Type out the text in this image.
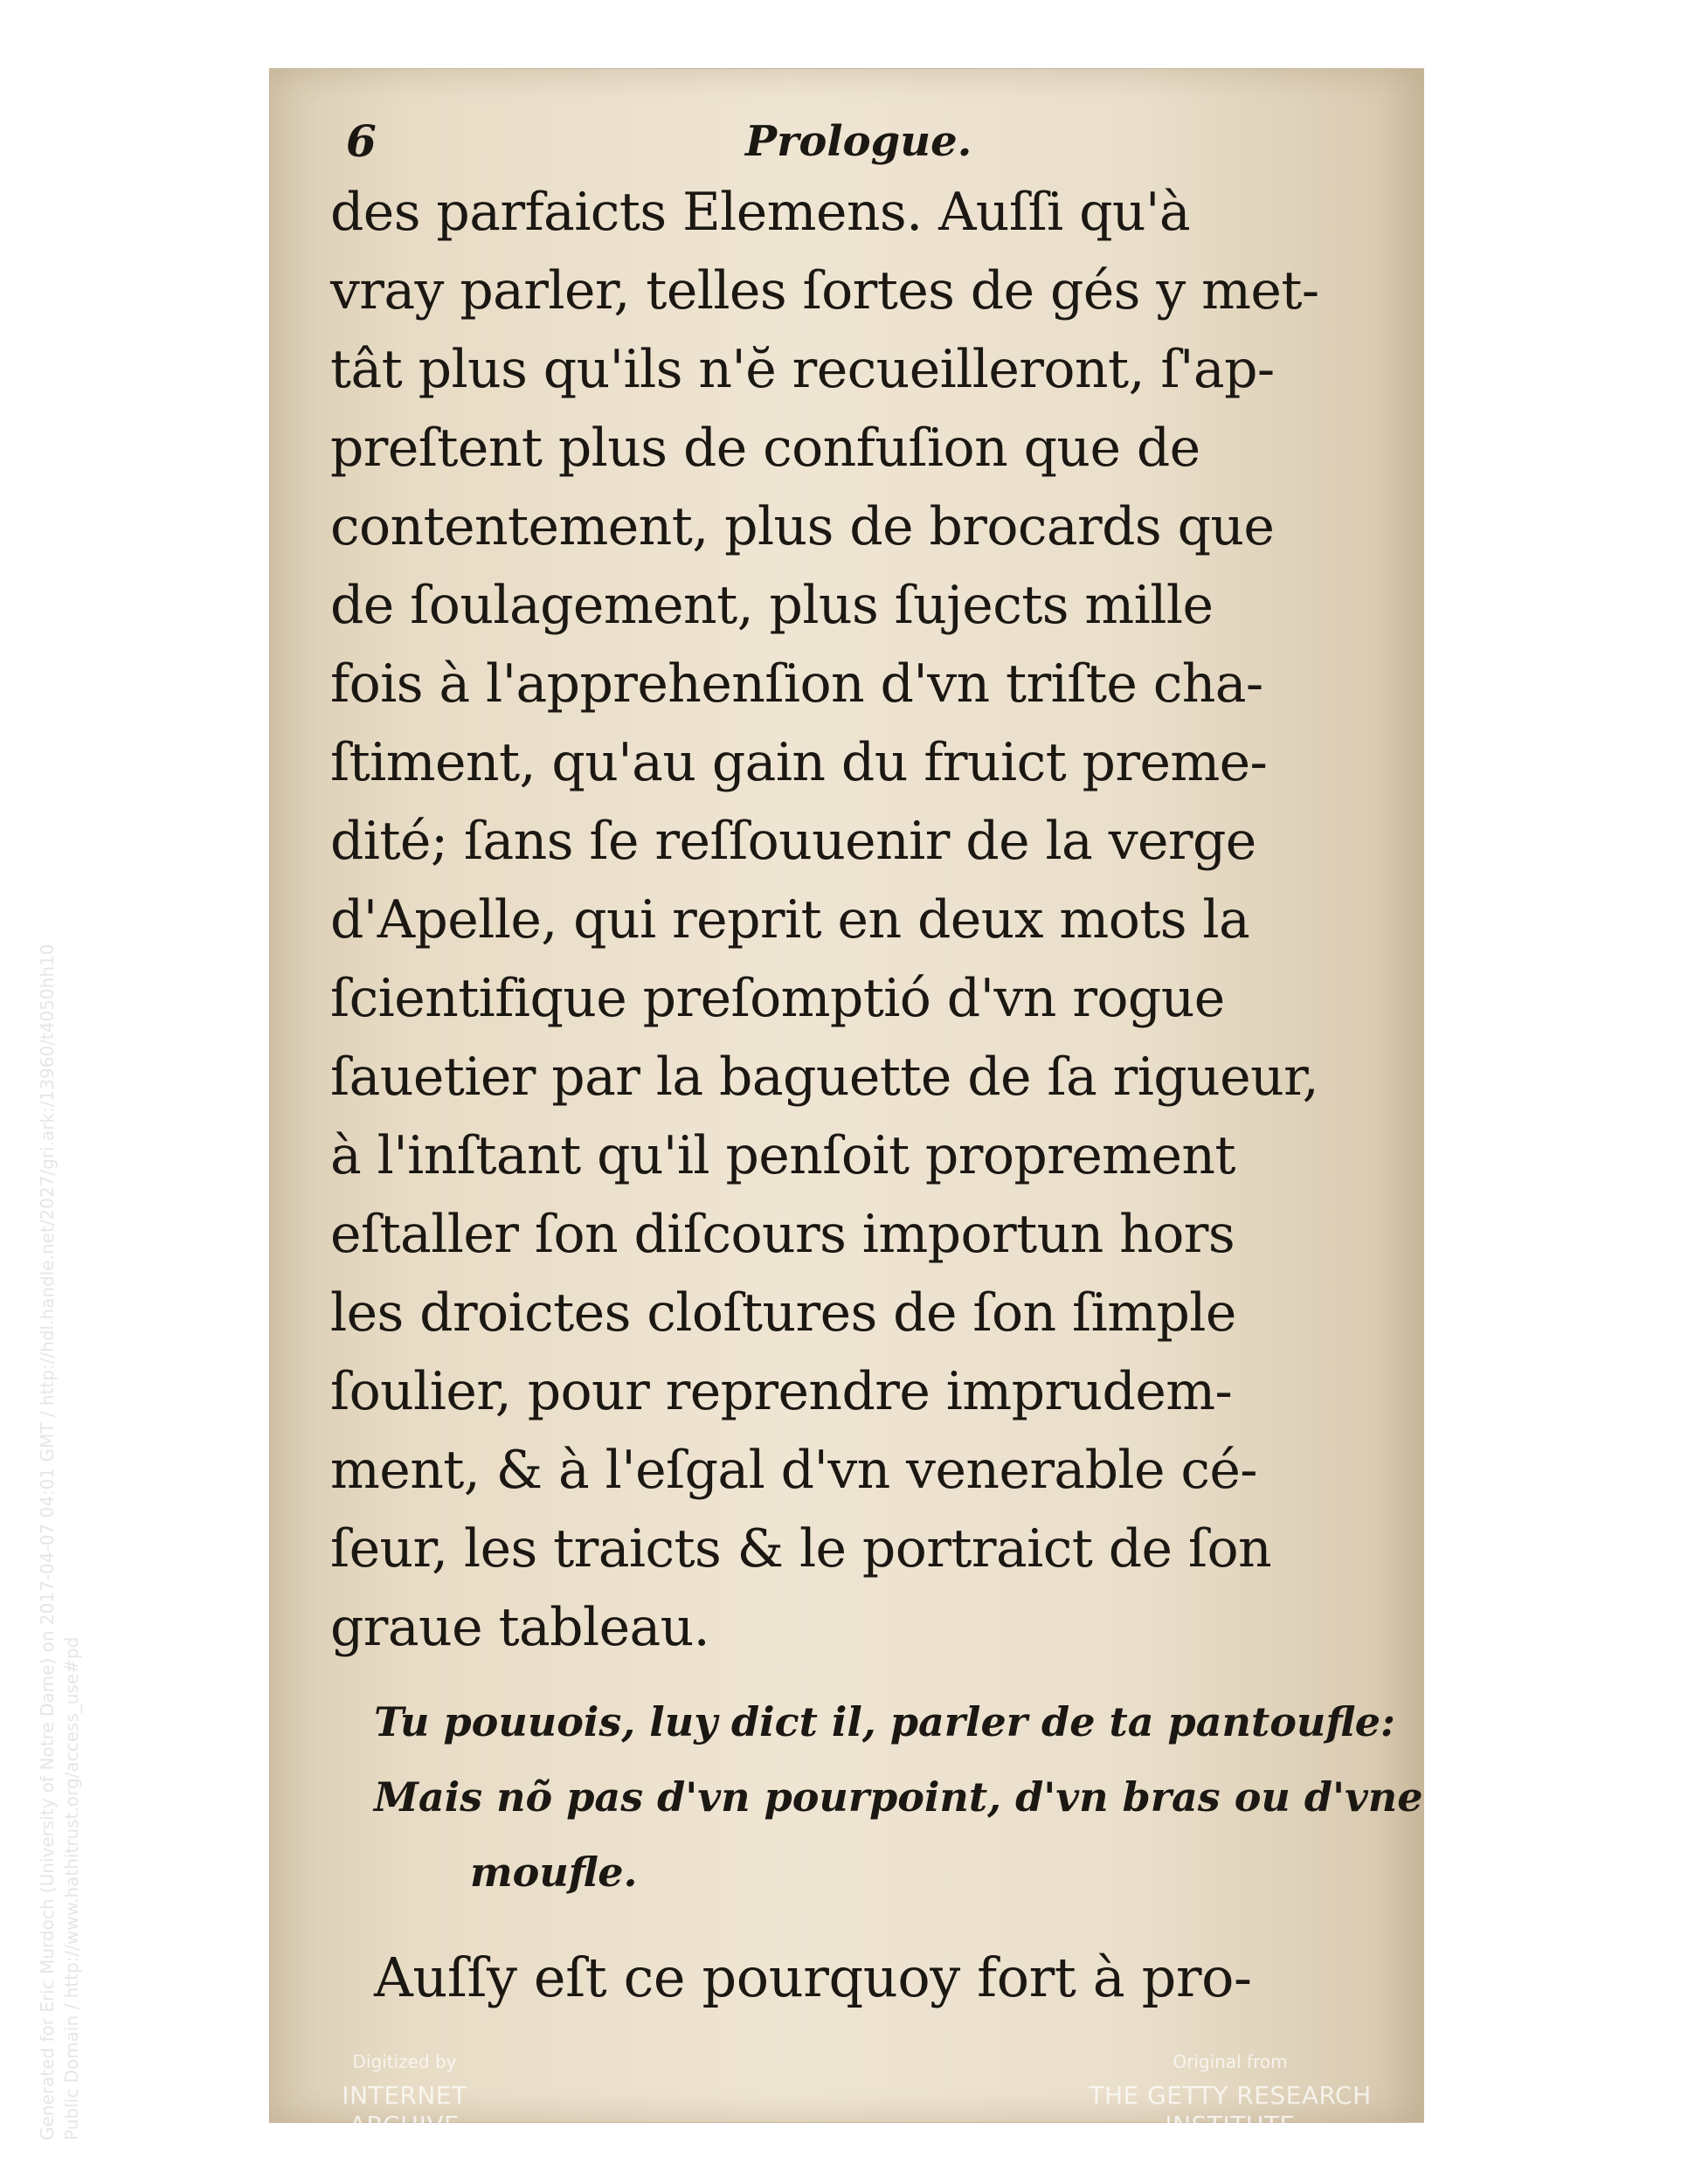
Generated for Eric Murdoch (University of Notre Dame) on 2017-04-07 04:01 GMT / http://hdl.handle.net/2027/gri.ark:/13960/t4050hh10 Public Domain / http://www.hathitrust.org/access_use#pd
6	Prologue.
des parfaicts Elemens. Auſſi qu'à
vray parler, telles ſortes de gés y met-
tât plus qu'ils n'ĕ recueilleront, ſ'ap-
preſtent plus de confuſion que de
contentement, plus de brocards que
de ſoulagement, plus ſujects mille
fois à l'apprehenſion d'vn triſte cha-
ſtiment, qu'au gain du fruict preme-
dité; ſans ſe reſſouuenir de la verge
d'Apelle, qui reprit en deux mots la
ſcientifique preſomptió d'vn rogue
ſauetier par la baguette de ſa rigueur,
à l'inſtant qu'il penſoit proprement
eſtaller ſon diſcours importun hors
les droictes cloſtures de ſon ſimple
ſoulier, pour reprendre imprudem-
ment, & à l'eſgal d'vn venerable cé-
ſeur, les traicts & le portraict de ſon
graue tableau.
Tu pouuois, luy dict il, parler de ta pantoufle:
Mais nõ pas d'vn pourpoint, d'vn bras ou d'vne
moufle.
Auſſy eſt ce pourquoy fort à pro-
Digitized by
INTERNET ARCHIVE
Original from
THE GETTY RESEARCH INSTITUTE
